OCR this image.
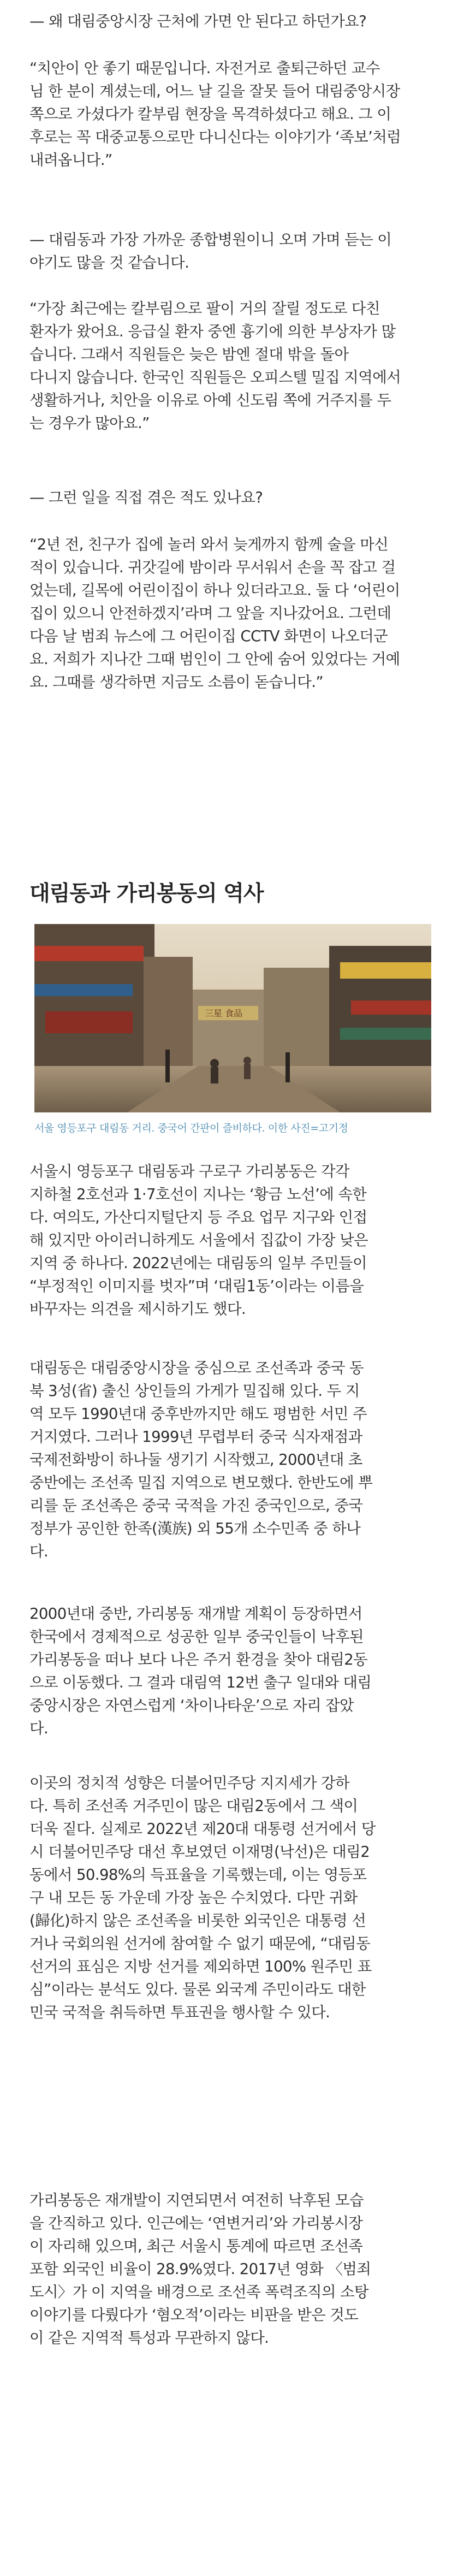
— 왜 대림중앙시장 근처에 가면 안 된다고 하던가요?

“치안이 안 좋기 때문입니다. 자전거로 출퇴근하던 교수
님 한 분이 계셨는데, 어느 날 길을 잘못 들어 대림중앙시장
쪽으로 가셨다가 칼부림 현장을 목격하셨다고 해요. 그 이
후로는 꼭 대중교통으로만 다니신다는 이야기가 ‘족보’처럼
내려옵니다.”

— 대림동과 가장 가까운 종합병원이니 오며 가며 듣는 이
야기도 많을 것 같습니다.

“가장 최근에는 칼부림으로 팔이 거의 잘릴 정도로 다친
환자가 왔어요. 응급실 환자 중엔 흉기에 의한 부상자가 많
습니다. 그래서 직원들은 늦은 밤엔 절대 밖을 돌아
다니지 않습니다. 한국인 직원들은 오피스텔 밀집 지역에서
생활하거나, 치안을 이유로 아예 신도림 쪽에 거주지를 두
는 경우가 많아요.”

— 그런 일을 직접 겪은 적도 있나요?

“2년 전, 친구가 집에 놀러 와서 늦게까지 함께 술을 마신
적이 있습니다. 귀갓길에 밤이라 무서워서 손을 꼭 잡고 걸
었는데, 길목에 어린이집이 하나 있더라고요. 둘 다 ‘어린이
집이 있으니 안전하겠지’라며 그 앞을 지나갔어요. 그런데
다음 날 범죄 뉴스에 그 어린이집 CCTV 화면이 나오더군
요. 저희가 지나간 그때 범인이 그 안에 숨어 있었다는 거예
요. 그때를 생각하면 지금도 소름이 돋습니다.”

대림동과 가리봉동의 역사
三星 食品

서울 영등포구 대림동 거리. 중국어 간판이 즐비하다. 이한 사진=고기정

서울시 영등포구 대림동과 구로구 가리봉동은 각각
지하철 2호선과 1·7호선이 지나는 ‘황금 노선’에 속한
다. 여의도, 가산디지털단지 등 주요 업무 지구와 인접
해 있지만 아이러니하게도 서울에서 집값이 가장 낮은
지역 중 하나다. 2022년에는 대림동의 일부 주민들이
“부정적인 이미지를 벗자”며 ‘대림1동’이라는 이름을
바꾸자는 의견을 제시하기도 했다.

대림동은 대림중앙시장을 중심으로 조선족과 중국 동
북 3성(省) 출신 상인들의 가게가 밀집해 있다. 두 지
역 모두 1990년대 중후반까지만 해도 평범한 서민 주
거지였다. 그러나 1999년 무렵부터 중국 식자재점과
국제전화방이 하나둘 생기기 시작했고, 2000년대 초
중반에는 조선족 밀집 지역으로 변모했다. 한반도에 뿌
리를 둔 조선족은 중국 국적을 가진 중국인으로, 중국
정부가 공인한 한족(漢族) 외 55개 소수민족 중 하나
다.

2000년대 중반, 가리봉동 재개발 계획이 등장하면서
한국에서 경제적으로 성공한 일부 중국인들이 낙후된
가리봉동을 떠나 보다 나은 주거 환경을 찾아 대림2동
으로 이동했다. 그 결과 대림역 12번 출구 일대와 대림
중앙시장은 자연스럽게 ‘차이나타운’으로 자리 잡았
다.

이곳의 정치적 성향은 더불어민주당 지지세가 강하
다. 특히 조선족 거주민이 많은 대림2동에서 그 색이
더욱 짙다. 실제로 2022년 제20대 대통령 선거에서 당
시 더불어민주당 대선 후보였던 이재명(낙선)은 대림2
동에서 50.98%의 득표율을 기록했는데, 이는 영등포
구 내 모든 동 가운데 가장 높은 수치였다. 다만 귀화
(歸化)하지 않은 조선족을 비롯한 외국인은 대통령 선
거나 국회의원 선거에 참여할 수 없기 때문에, “대림동
선거의 표심은 지방 선거를 제외하면 100% 원주민 표
심”이라는 분석도 있다. 물론 외국계 주민이라도 대한
민국 국적을 취득하면 투표권을 행사할 수 있다.

가리봉동은 재개발이 지연되면서 여전히 낙후된 모습
을 간직하고 있다. 인근에는 ‘연변거리’와 가리봉시장
이 자리해 있으며, 최근 서울시 통계에 따르면 조선족
포함 외국인 비율이 28.9%였다. 2017년 영화 〈범죄
도시〉가 이 지역을 배경으로 조선족 폭력조직의 소탕
이야기를 다뤘다가 ‘혐오적’이라는 비판을 받은 것도
이 같은 지역적 특성과 무관하지 않다.
